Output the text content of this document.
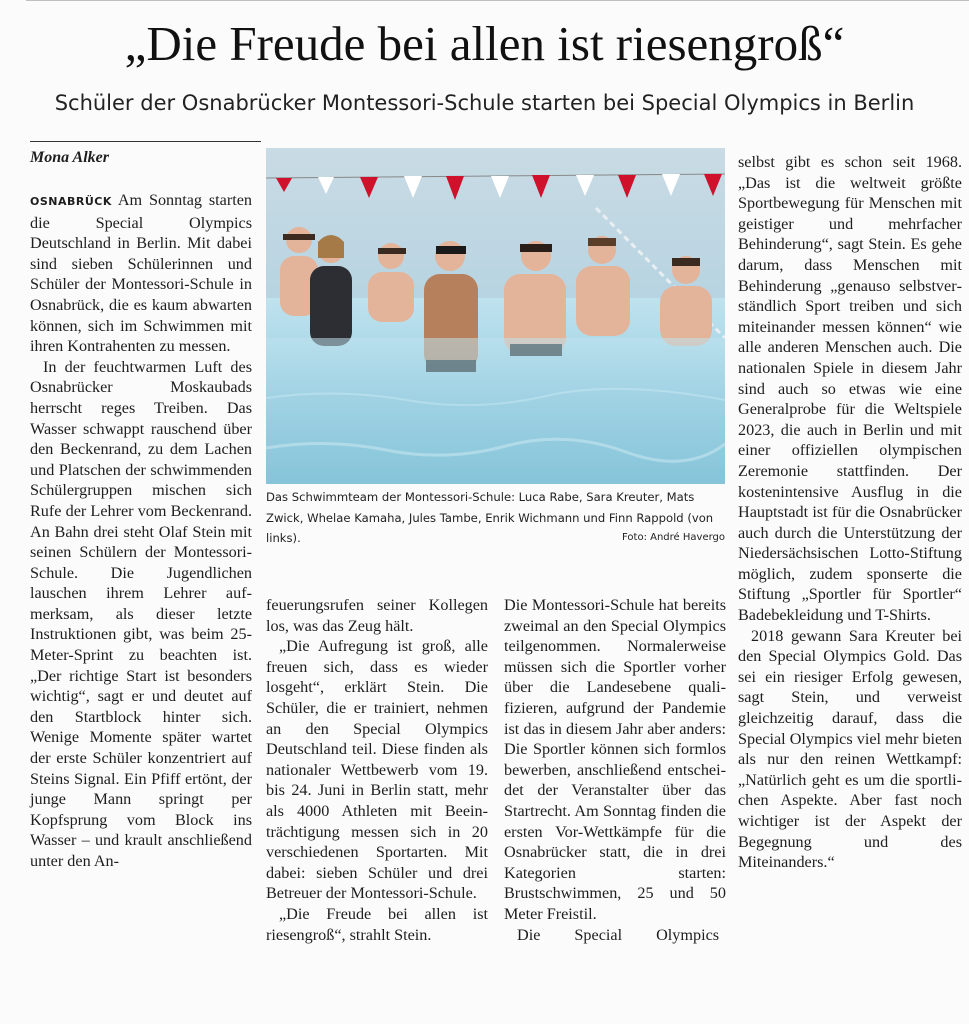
„Die Freude bei allen ist riesengroß“
Schüler der Osnabrücker Montessori-Schule starten bei Special Olympics in Berlin
Mona Alker

OSNABRÜCK Am Sonntag starten die Special Olympics Deutschland in Berlin. Mit dabei sind sieben Schülerinnen und Schüler der Montessori-Schule in Osnabrück, die es kaum abwarten können, sich im Schwimmen mit ihren Kontrahenten zu messen.

In der feuchtwarmen Luft des Osnabrücker Moskaubads herrscht reges Treiben. Das Wasser schwappt rauschend über den Beckenrand, zu dem Lachen und Platschen der schwimmenden Schülergruppen mischen sich Rufe der Lehrer vom Beckenrand. An Bahn drei steht Olaf Stein mit seinen Schülern der Montessori-Schule. Die Jugendlichen lauschen ihrem Lehrer aufmerksam, als dieser letzte Instruktionen gibt, was beim 25-Meter-Sprint zu beachten ist. „Der richtige Start ist besonders wichtig“, sagt er und deutet auf den Startblock hinter sich. Wenige Momente später wartet der erste Schüler konzentriert auf Steins Signal. Ein Pfiff ertönt, der junge Mann springt per Kopfsprung vom Block ins Wasser – und krault anschließend unter den An-

Das Schwimmteam der Montessori-Schule: Luca Rabe, Sara Kreuter, Mats Zwick, Whelae Kamaha, Jules Tambe, Enrik Wichmann und Finn Rappold (von links).	Foto: André Havergo

feuerungsrufen seiner Kollegen los, was das Zeug hält.

„Die Aufregung ist groß, alle freuen sich, dass es wieder losgeht“, erklärt Stein. Die Schüler, die er trainiert, nehmen an den Special Olympics Deutschland teil. Diese finden als nationaler Wettbewerb vom 19. bis 24. Juni in Berlin statt, mehr als 4000 Athleten mit Beeinträchtigung messen sich in 20 verschiedenen Sportarten. Mit dabei: sieben Schüler und drei Betreuer der Montessori-Schule.

„Die Freude bei allen ist riesengroß“, strahlt Stein.

Die Montessori-Schule hat bereits zweimal an den Special Olympics teilgenommen. Normalerweise müssen sich die Sportler vorher über die Landesebene qualifizieren, aufgrund der Pandemie ist das in diesem Jahr aber anders: Die Sportler können sich formlos bewerben, anschließend entscheidet der Veranstalter über das Startrecht. Am Sonntag finden die ersten Vor-Wettkämpfe für die Osnabrücker statt, die in drei Kategorien starten: Brustschwimmen, 25 und 50 Meter Freistil.

Die Special Olympics

selbst gibt es schon seit 1968. „Das ist die weltweit größte Sportbewegung für Menschen mit geistiger und mehrfacher Behinderung“, sagt Stein. Es gehe darum, dass Menschen mit Behinderung „genauso selbstverständlich Sport treiben und sich miteinander messen können“ wie alle anderen Menschen auch. Die nationalen Spiele in diesem Jahr sind auch so etwas wie eine Generalprobe für die Weltspiele 2023, die auch in Berlin und mit einer offiziellen olympischen Zeremonie stattfinden. Der kostenintensive Ausflug in die Hauptstadt ist für die Osnabrücker auch durch die Unterstützung der Niedersächsischen Lotto-Stiftung möglich, zudem sponserte die Stiftung „Sportler für Sportler“ Badebekleidung und T-Shirts.

2018 gewann Sara Kreuter bei den Special Olympics Gold. Das sei ein riesiger Erfolg gewesen, sagt Stein, und verweist gleichzeitig darauf, dass die Special Olympics viel mehr bieten als nur den reinen Wettkampf: „Natürlich geht es um die sportlichen Aspekte. Aber fast noch wichtiger ist der Aspekt der Begegnung und des Miteinanders.“
